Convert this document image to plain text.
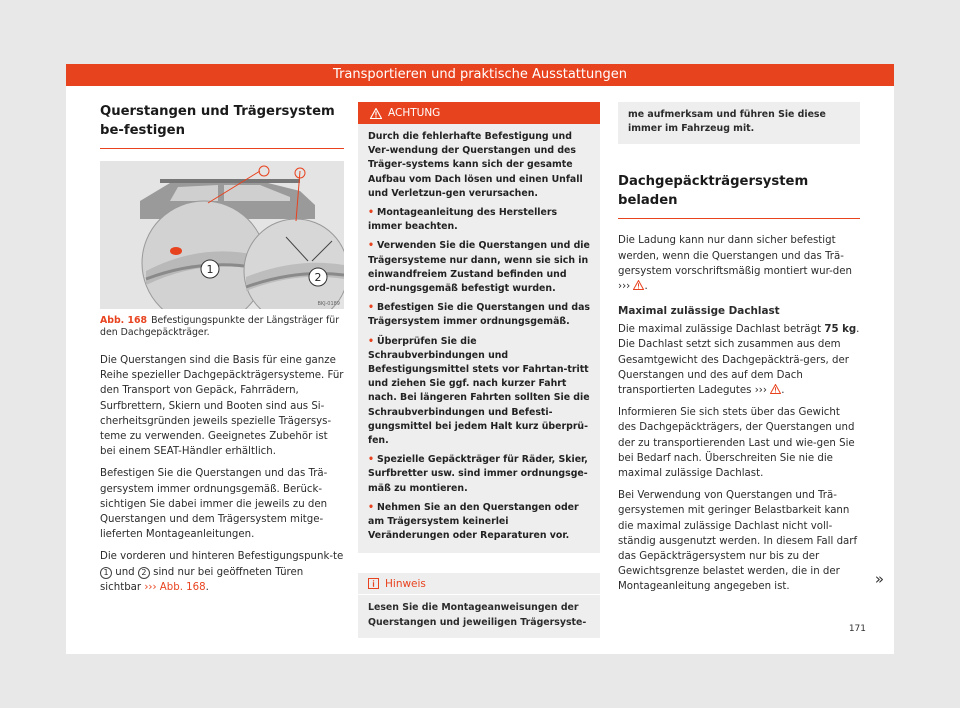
Transportieren und praktische Ausstattungen
Querstangen und Trägersystem be-festigen
1
2
BKJ-0189
Abb. 168 Befestigungspunkte der Längsträger für den Dachgepäckträger.

Die Querstangen sind die Basis für eine ganze Reihe spezieller Dachgepäckträgersysteme. Für den Transport von Gepäck, Fahrrädern, Surfbrettern, Skiern und Booten sind aus Si-cherheitsgründen jeweils spezielle Trägersys-teme zu verwenden. Geeignetes Zubehör ist bei einem SEAT-Händler erhältlich.

Befestigen Sie die Querstangen und das Trä-gersystem immer ordnungsgemäß. Berück-sichtigen Sie dabei immer die jeweils zu den Querstangen und dem Trägersystem mitge-lieferten Montageanleitungen.

Die vorderen und hinteren Befestigungspunk-te 1 und 2 sind nur bei geöffneten Türen sichtbar ››› Abb. 168.

ACHTUNG
Durch die fehlerhafte Befestigung und Ver-wendung der Querstangen und des Träger-systems kann sich der gesamte Aufbau vom Dach lösen und einen Unfall und Verletzun-gen verursachen.
• Montageanleitung des Herstellers immer beachten.
• Verwenden Sie die Querstangen und die Trägersysteme nur dann, wenn sie sich in einwandfreiem Zustand befinden und ord-nungsgemäß befestigt wurden.
• Befestigen Sie die Querstangen und das Trägersystem immer ordnungsgemäß.
• Überprüfen Sie die Schraubverbindungen und Befestigungsmittel stets vor Fahrtan-tritt und ziehen Sie ggf. nach kurzer Fahrt nach. Bei längeren Fahrten sollten Sie die Schraubverbindungen und Befesti-gungsmittel bei jedem Halt kurz überprü-fen.
• Spezielle Gepäckträger für Räder, Skier, Surfbretter usw. sind immer ordnungsge-mäß zu montieren.
• Nehmen Sie an den Querstangen oder am Trägersystem keinerlei Veränderungen oder Reparaturen vor.
Hinweis
Lesen Sie die Montageanweisungen der Querstangen und jeweiligen Trägersyste-
me aufmerksam und führen Sie diese immer im Fahrzeug mit.
Dachgepäckträgersystem beladen

Die Ladung kann nur dann sicher befestigt werden, wenn die Querstangen und das Trä-gersystem vorschriftsmäßig montiert wur-den ››› .

Maximal zulässige Dachlast

Die maximal zulässige Dachlast beträgt 75 kg. Die Dachlast setzt sich zusammen aus dem Gesamtgewicht des Dachgepäckträ-gers, der Querstangen und des auf dem Dach transportierten Ladegutes ››› .

Informieren Sie sich stets über das Gewicht des Dachgepäckträgers, der Querstangen und der zu transportierenden Last und wie-gen Sie bei Bedarf nach. Überschreiten Sie nie die maximal zulässige Dachlast.

Bei Verwendung von Querstangen und Trä-gersystemen mit geringer Belastbarkeit kann die maximal zulässige Dachlast nicht voll-ständig ausgenutzt werden. In diesem Fall darf das Gepäckträgersystem nur bis zu der Gewichtsgrenze belastet werden, die in der Montageanleitung angegeben ist.	»
171
